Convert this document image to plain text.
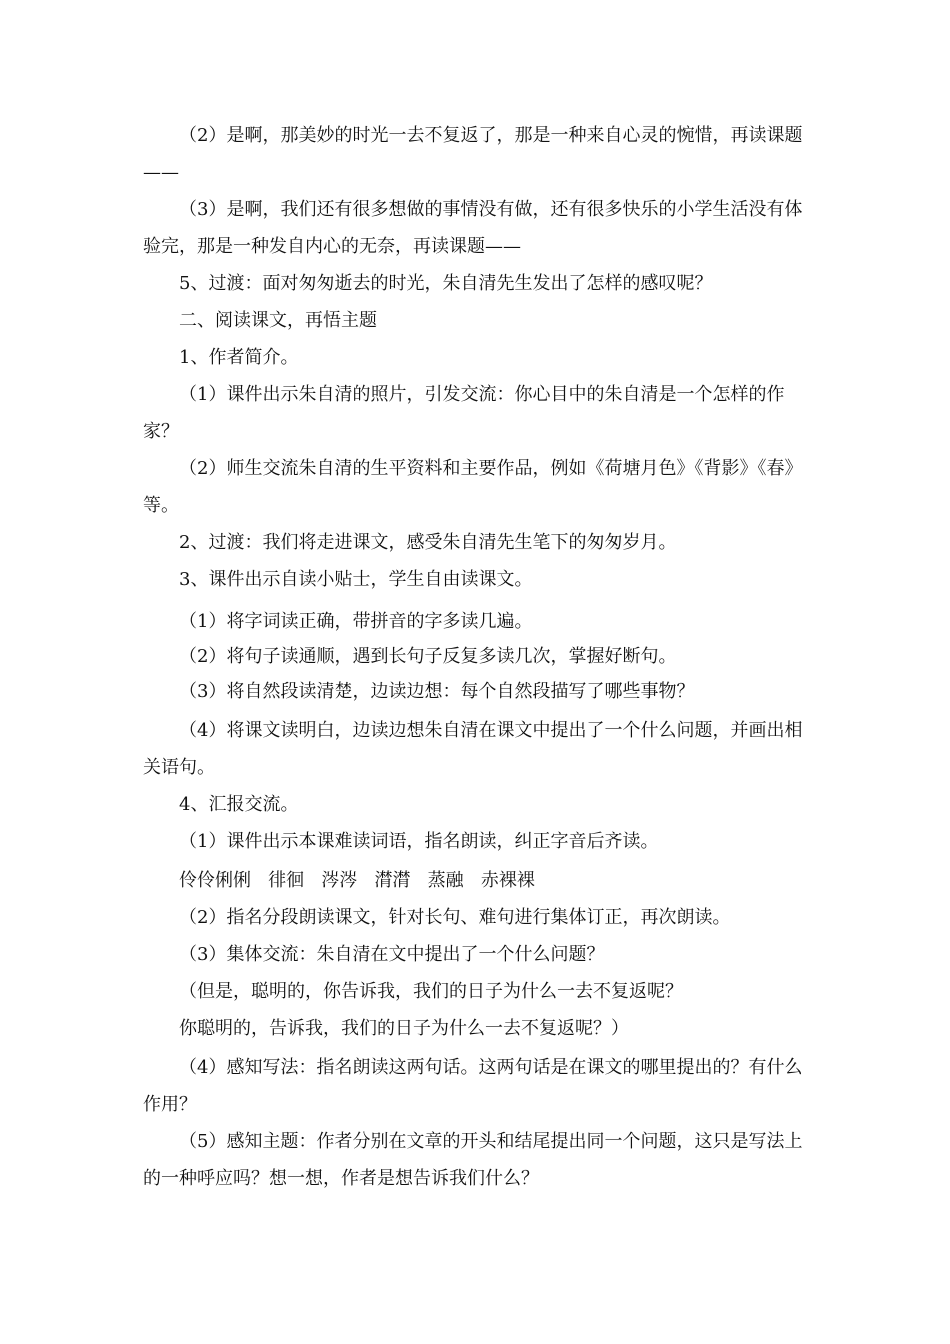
（2）是啊，那美妙的时光一去不复返了，那是一种来自心灵的惋惜，再读课题——

（3）是啊，我们还有很多想做的事情没有做，还有很多快乐的小学生活没有体验完，那是一种发自内心的无奈，再读课题——

5、过渡：面对匆匆逝去的时光，朱自清先生发出了怎样的感叹呢？

二、阅读课文，再悟主题

1、作者简介。

（1）课件出示朱自清的照片，引发交流：你心目中的朱自清是一个怎样的作家？

（2）师生交流朱自清的生平资料和主要作品，例如《荷塘月色》《背影》《春》等。

2、过渡：我们将走进课文，感受朱自清先生笔下的匆匆岁月。

3、课件出示自读小贴士，学生自由读课文。

（1）将字词读正确，带拼音的字多读几遍。

（2）将句子读通顺，遇到长句子反复多读几次，掌握好断句。

（3）将自然段读清楚，边读边想：每个自然段描写了哪些事物？

（4）将课文读明白，边读边想朱自清在课文中提出了一个什么问题，并画出相关语句。

4、汇报交流。

（1）课件出示本课难读词语，指名朗读，纠正字音后齐读。

伶伶俐俐   徘徊   涔涔   潸潸   蒸融   赤裸裸

（2）指名分段朗读课文，针对长句、难句进行集体订正，再次朗读。

（3）集体交流：朱自清在文中提出了一个什么问题？

（但是，聪明的，你告诉我，我们的日子为什么一去不复返呢？

你聪明的，告诉我，我们的日子为什么一去不复返呢？）

（4）感知写法：指名朗读这两句话。这两句话是在课文的哪里提出的？有什么作用？

（5）感知主题：作者分别在文章的开头和结尾提出同一个问题，这只是写法上的一种呼应吗？想一想，作者是想告诉我们什么？
